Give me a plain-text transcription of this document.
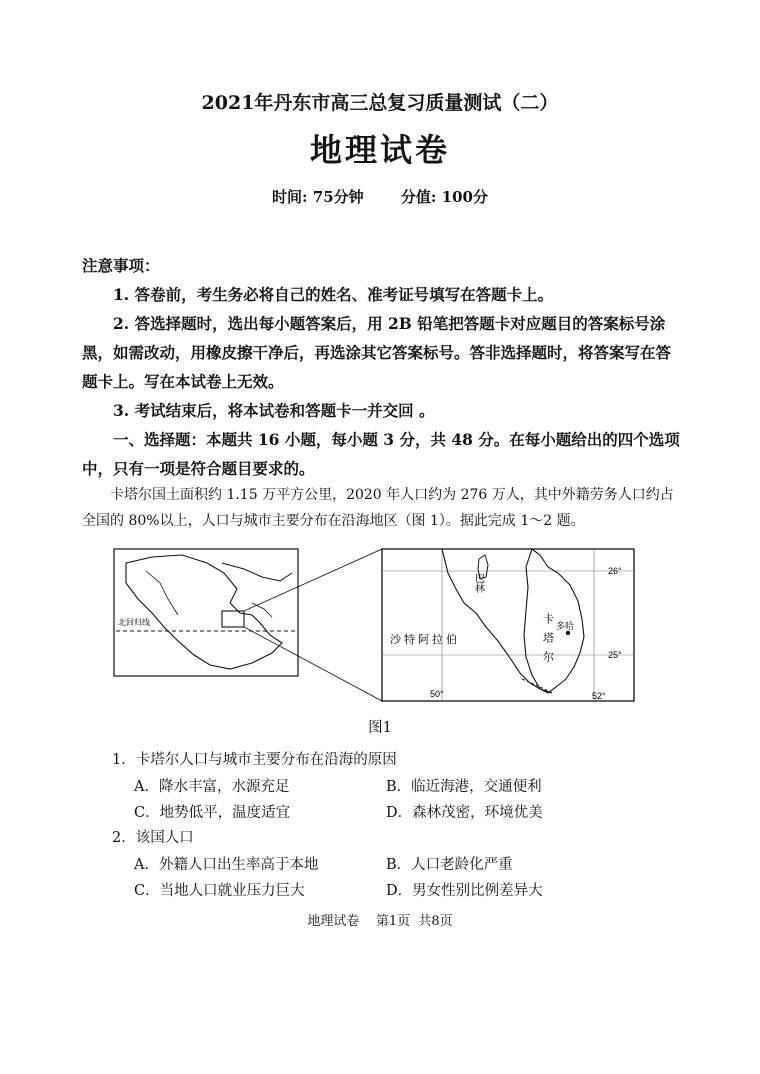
2021年丹东市高三总复习质量测试（二）
地理试卷
时间: 75分钟 分值: 100分
注意事项：
1. 答卷前，考生务必将自己的姓名、准考证号填写在答题卡上。
2. 答选择题时，选出每小题答案后，用 2B 铅笔把答题卡对应题目的答案标号涂黑，如需改动，用橡皮擦干净后，再选涂其它答案标号。答非选择题时，将答案写在答题卡上。写在本试卷上无效。
3. 考试结束后，将本试卷和答题卡一并交回 。
一、选择题：本题共 16 小题，每小题 3 分，共 48 分。在每小题给出的四个选项中，只有一项是符合题目要求的。
卡塔尔国土面积约 1.15 万平方公里，2020 年人口约为 276 万人，其中外籍劳务人口约占全国的 80%以上，人口与城市主要分布在沿海地区（图 1）。据此完成 1～2 题。
北回归线
巴林
卡塔尔 多哈
沙特阿拉伯
26°
25°
50°	52°
图1
1．卡塔尔人口与城市主要分布在沿海的原因
A．降水丰富，水源充足	B．临近海港，交通便利
C．地势低平，温度适宜	D．森林茂密，环境优美
2．该国人口
A．外籍人口出生率高于本地	B．人口老龄化严重
C．当地人口就业压力巨大	D．男女性别比例差异大
地理试卷    第1页  共8页
